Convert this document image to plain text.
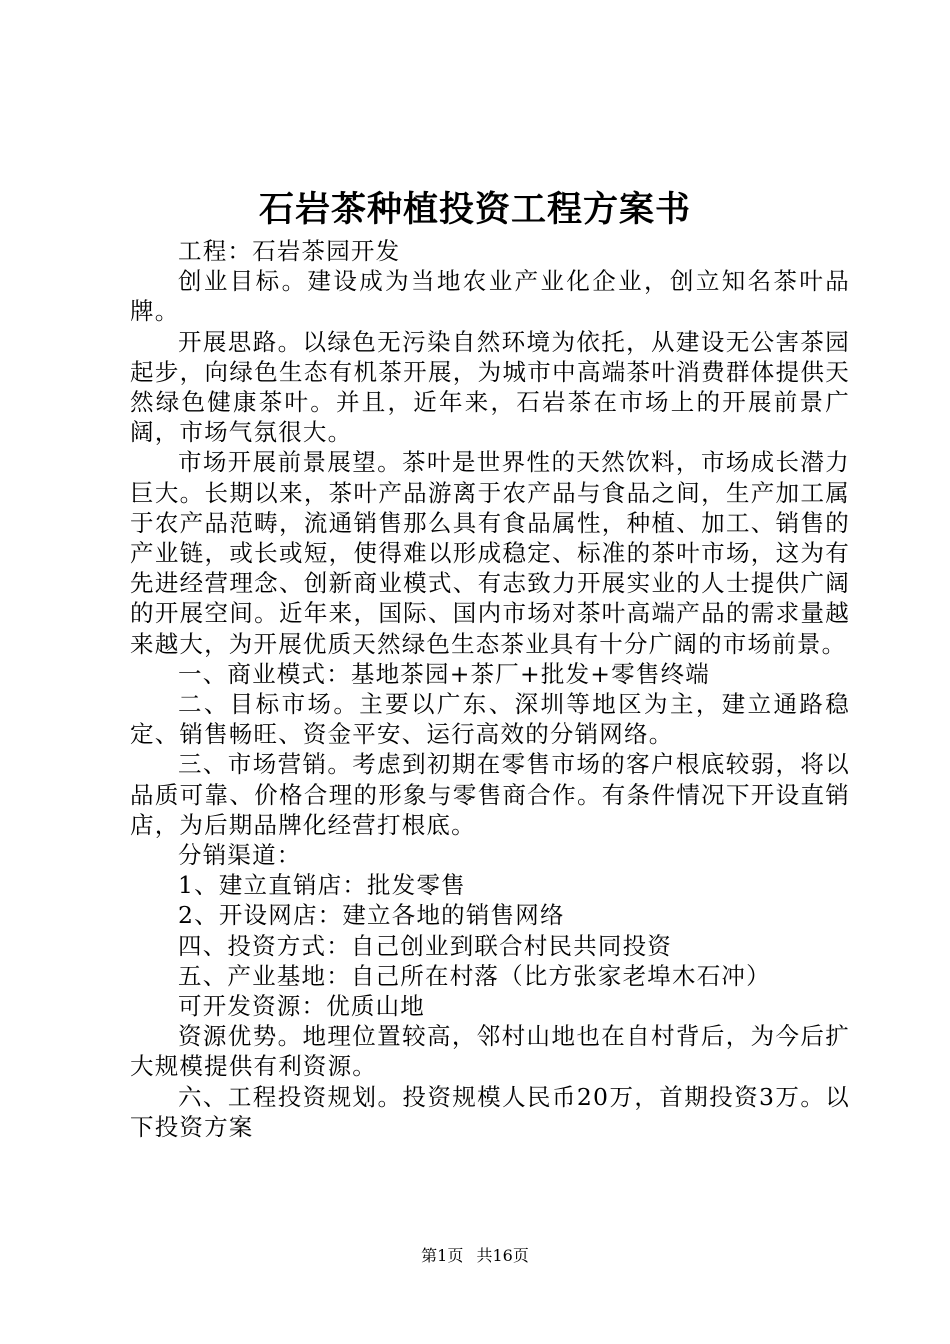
石岩茶种植投资工程方案书

工程：石岩茶园开发

创业目标。建设成为当地农业产业化企业，创立知名茶叶品牌。

开展思路。以绿色无污染自然环境为依托，从建设无公害茶园起步，向绿色生态有机茶开展，为城市中高端茶叶消费群体提供天然绿色健康茶叶。并且，近年来，石岩茶在市场上的开展前景广阔，市场气氛很大。

市场开展前景展望。茶叶是世界性的天然饮料，市场成长潜力巨大。长期以来，茶叶产品游离于农产品与食品之间，生产加工属于农产品范畴，流通销售那么具有食品属性，种植、加工、销售的产业链，或长或短，使得难以形成稳定、标准的茶叶市场，这为有先进经营理念、创新商业模式、有志致力开展实业的人士提供广阔的开展空间。近年来，国际、国内市场对茶叶高端产品的需求量越来越大，为开展优质天然绿色生态茶业具有十分广阔的市场前景。

一、商业模式：基地茶园+茶厂+批发+零售终端

二、目标市场。主要以广东、深圳等地区为主，建立通路稳定、销售畅旺、资金平安、运行高效的分销网络。

三、市场营销。考虑到初期在零售市场的客户根底较弱，将以品质可靠、价格合理的形象与零售商合作。有条件情况下开设直销店，为后期品牌化经营打根底。

分销渠道：

1、建立直销店：批发零售

2、开设网店：建立各地的销售网络

四、投资方式：自己创业到联合村民共同投资

五、产业基地：自己所在村落（比方张家老埠木石冲）

可开发资源：优质山地

资源优势。地理位置较高，邻村山地也在自村背后，为今后扩大规模提供有利资源。

六、工程投资规划。投资规模人民币20万，首期投资3万。以下投资方案

第1页 共16页
